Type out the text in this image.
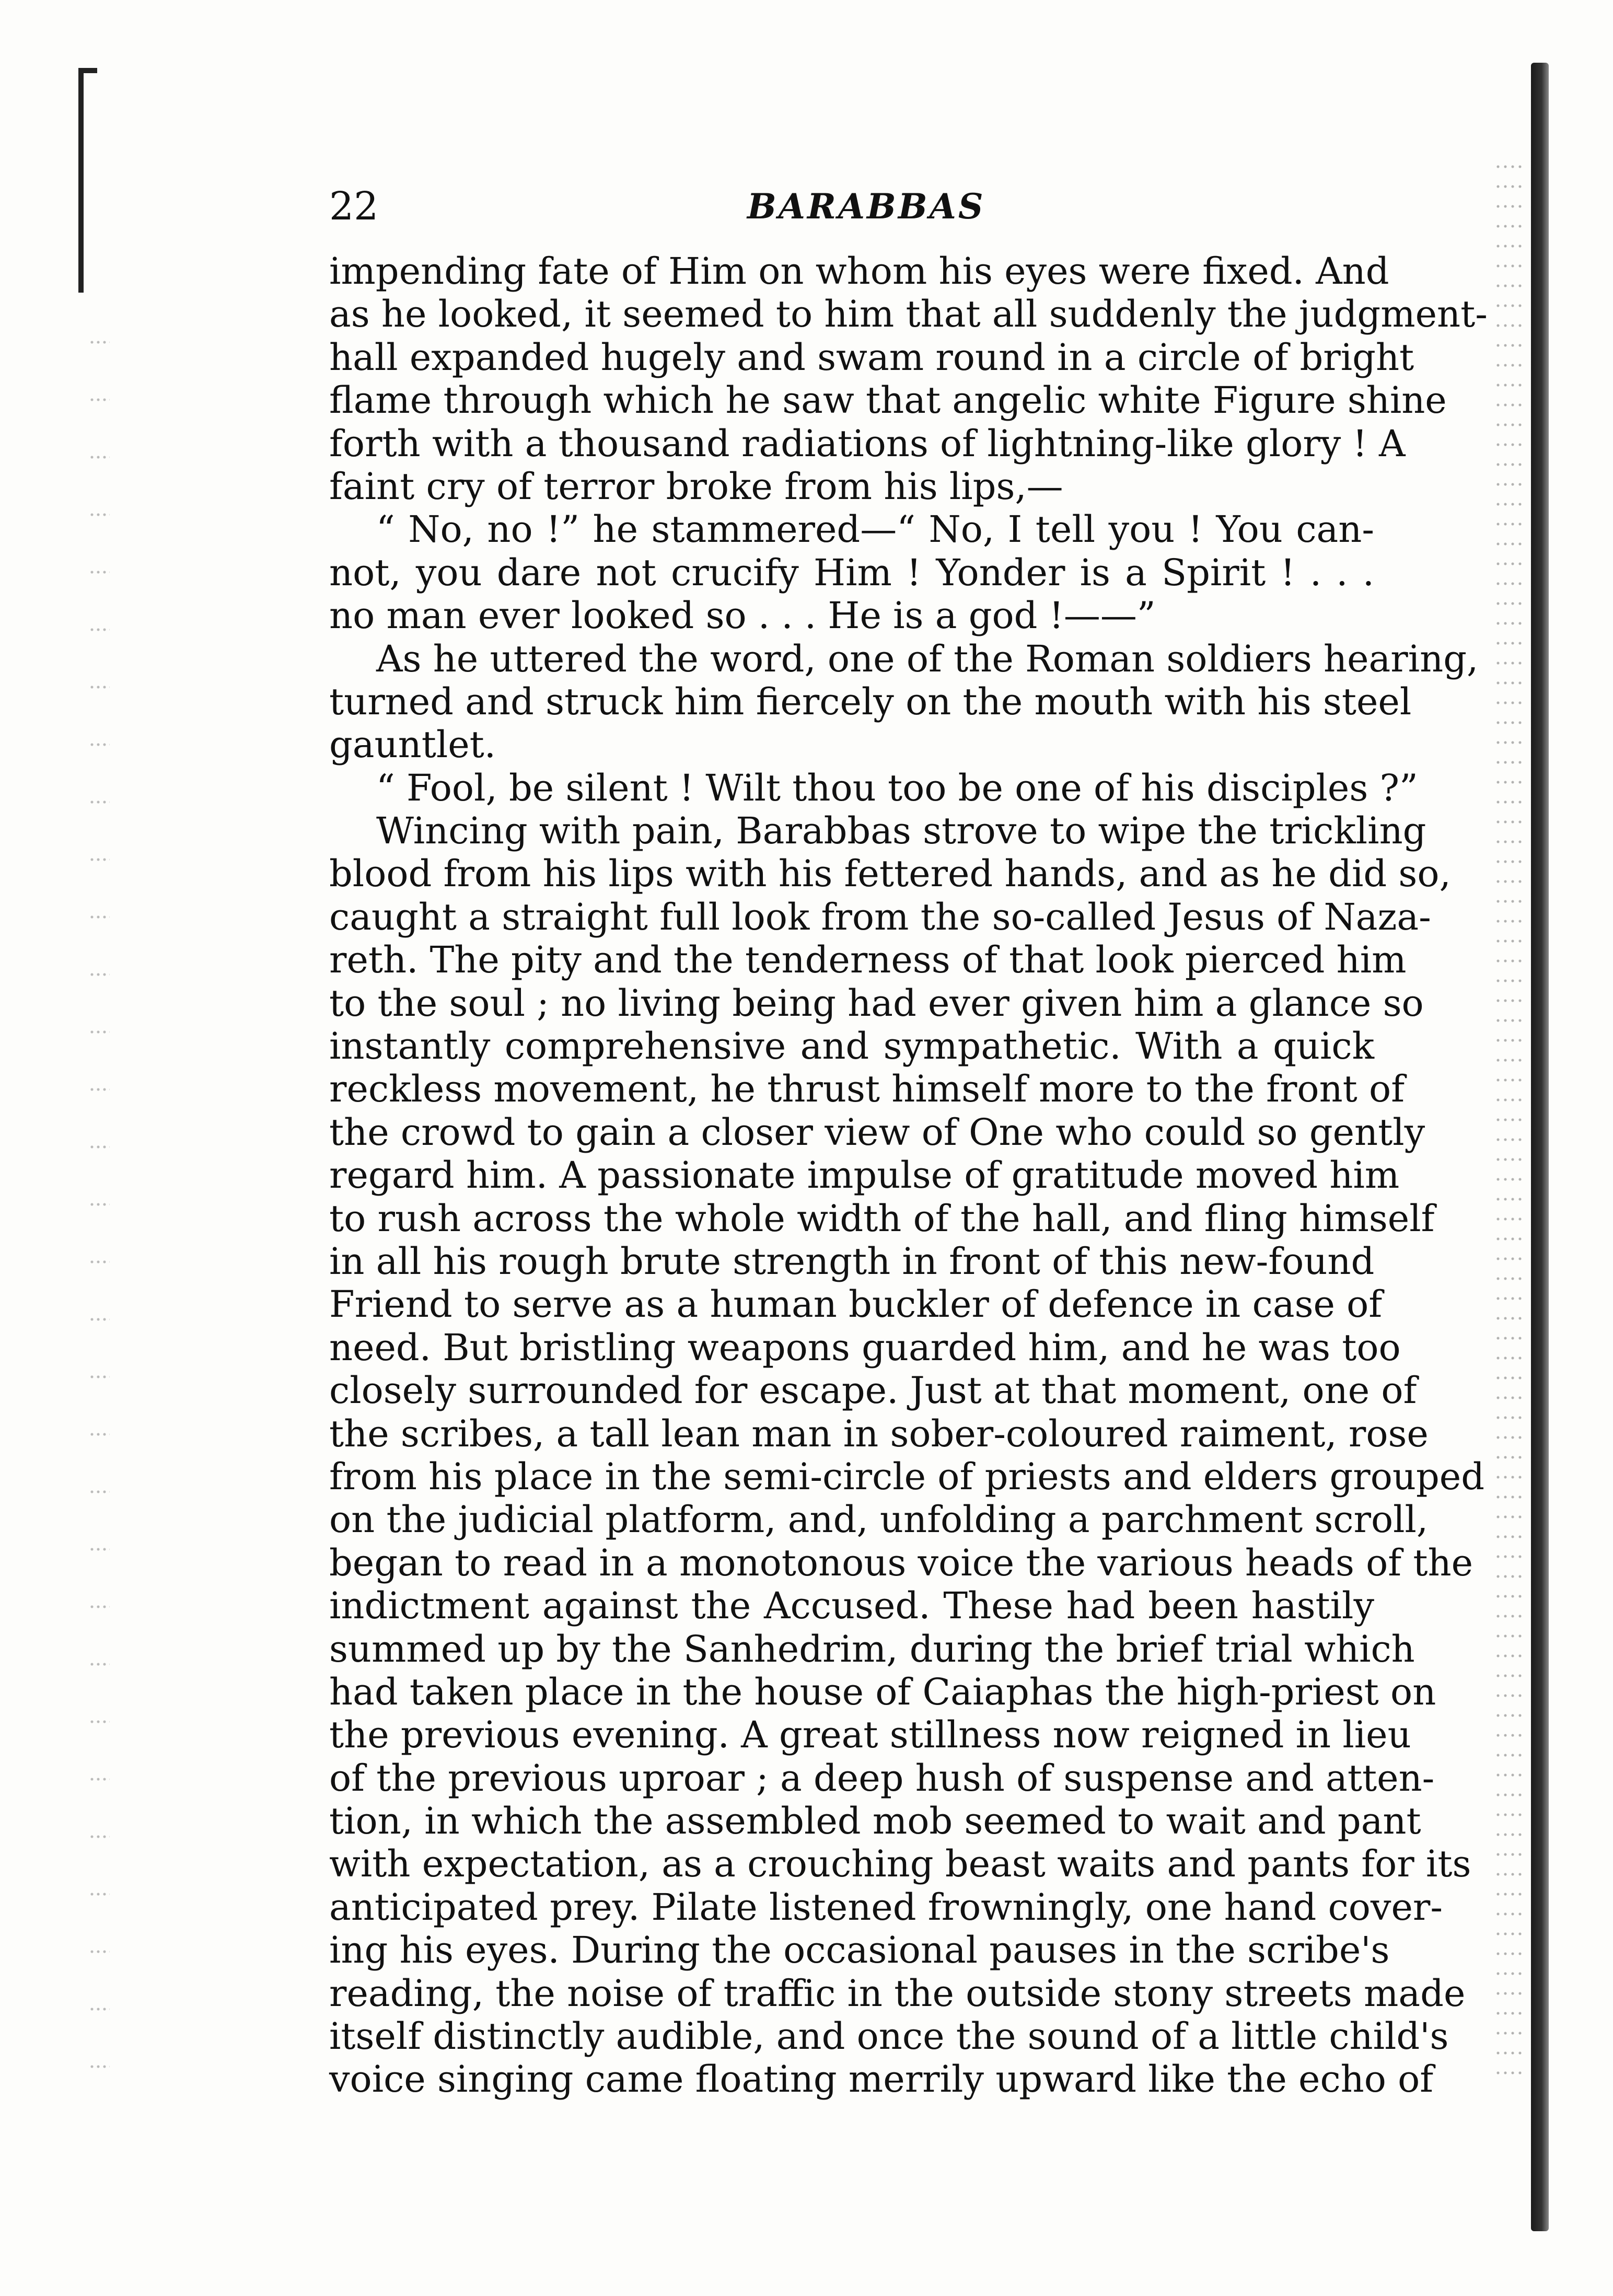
22	BARABBAS
impending fate of Him on whom his eyes were fixed. And
as he looked, it seemed to him that all suddenly the judgment-
hall expanded hugely and swam round in a circle of bright
flame through which he saw that angelic white Figure shine
forth with a thousand radiations of lightning-like glory ! A
faint cry of terror broke from his lips,—
“ No, no !” he stammered—“ No, I tell you ! You can-
not, you dare not crucify Him ! Yonder is a Spirit ! . . .
no man ever looked so . . . He is a god !——”
As he uttered the word, one of the Roman soldiers hearing,
turned and struck him fiercely on the mouth with his steel
gauntlet.
“ Fool, be silent ! Wilt thou too be one of his disciples ?”
Wincing with pain, Barabbas strove to wipe the trickling
blood from his lips with his fettered hands, and as he did so,
caught a straight full look from the so-called Jesus of Naza-
reth. The pity and the tenderness of that look pierced him
to the soul ; no living being had ever given him a glance so
instantly comprehensive and sympathetic. With a quick
reckless movement, he thrust himself more to the front of
the crowd to gain a closer view of One who could so gently
regard him. A passionate impulse of gratitude moved him
to rush across the whole width of the hall, and fling himself
in all his rough brute strength in front of this new-found
Friend to serve as a human buckler of defence in case of
need. But bristling weapons guarded him, and he was too
closely surrounded for escape. Just at that moment, one of
the scribes, a tall lean man in sober-coloured raiment, rose
from his place in the semi-circle of priests and elders grouped
on the judicial platform, and, unfolding a parchment scroll,
began to read in a monotonous voice the various heads of the
indictment against the Accused. These had been hastily
summed up by the Sanhedrim, during the brief trial which
had taken place in the house of Caiaphas the high-priest on
the previous evening. A great stillness now reigned in lieu
of the previous uproar ; a deep hush of suspense and atten-
tion, in which the assembled mob seemed to wait and pant
with expectation, as a crouching beast waits and pants for its
anticipated prey. Pilate listened frowningly, one hand cover-
ing his eyes. During the occasional pauses in the scribe's
reading, the noise of traffic in the outside stony streets made
itself distinctly audible, and once the sound of a little child's
voice singing came floating merrily upward like the echo of
